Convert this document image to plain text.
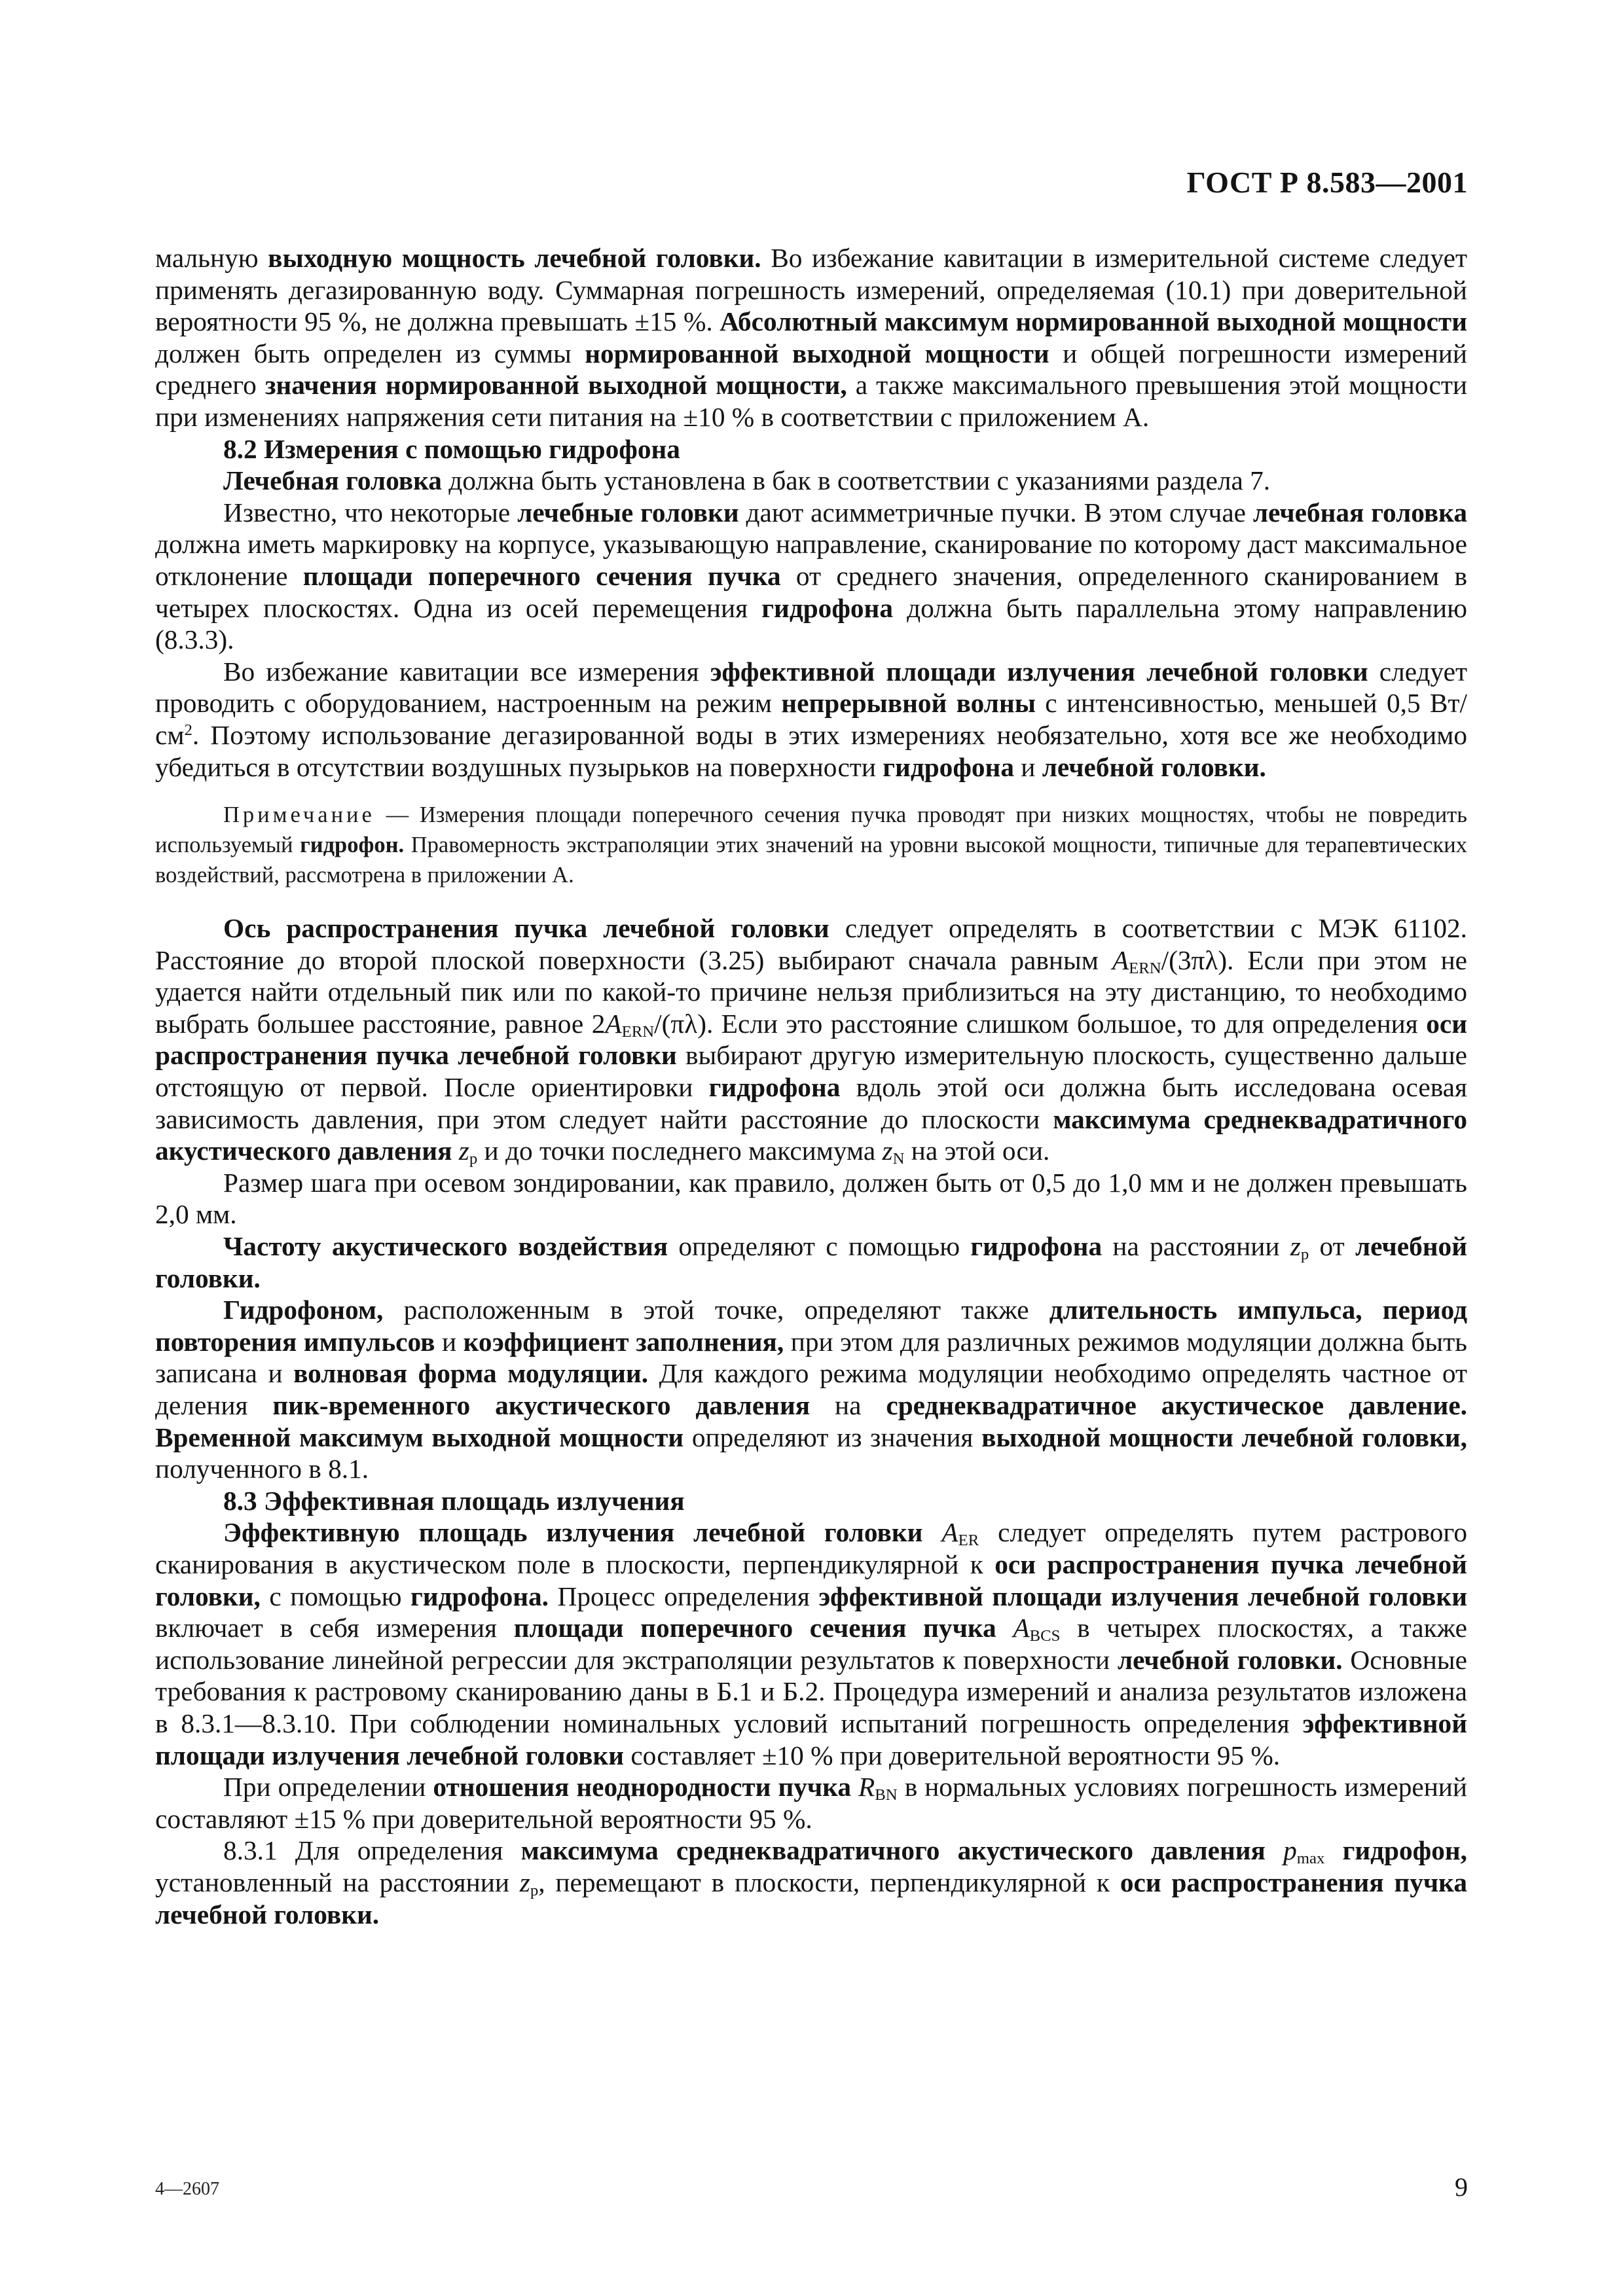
ГОСТ Р 8.583—2001

мальную выходную мощность лечебной головки. Во избежание кавитации в измерительной системе следует применять дегазированную воду. Суммарная погрешность измерений, определяемая (10.1) при доверительной вероятности 95 %, не должна превышать ±15 %. Абсолютный максимум нормированной выходной мощности должен быть определен из суммы нормированной выходной мощности и общей погрешности измерений среднего значения нормированной выходной мощности, а также максимального превышения этой мощности при изменениях напряжения сети питания на ±10 % в соответствии с приложением А.

8.2 Измерения с помощью гидрофона

Лечебная головка должна быть установлена в бак в соответствии с указаниями раздела 7.

Известно, что некоторые лечебные головки дают асимметричные пучки. В этом случае лечебная головка должна иметь маркировку на корпусе, указывающую направление, сканирование по которому даст максимальное отклонение площади поперечного сечения пучка от среднего значения, определенного сканированием в четырех плоскостях. Одна из осей перемещения гидрофона должна быть параллельна этому направлению (8.3.3).

Во избежание кавитации все измерения эффективной площади излучения лечебной головки следует проводить с оборудованием, настроенным на режим непрерывной волны с интенсивностью, меньшей 0,5 $Вт/см^2$. Поэтому использование дегазированной воды в этих измерениях необязательно, хотя все же необходимо убедиться в отсутствии воздушных пузырьков на поверхности гидрофона и лечебной головки.

Примечание — Измерения площади поперечного сечения пучка проводят при низких мощностях, чтобы не повредить используемый гидрофон. Правомерность экстраполяции этих значений на уровни высокой мощности, типичные для терапевтических воздействий, рассмотрена в приложении А.

Ось распространения пучка лечебной головки следует определять в соответствии с МЭК 61102. Расстояние до второй плоской поверхности (3.25) выбирают сначала равным $A_{ERN}/(3\pi\lambda)$. Если при этом не удается найти отдельный пик или по какой-то причине нельзя приблизиться на эту дистанцию, то необходимо выбрать большее расстояние, равное $2A_{ERN}/(\pi\lambda)$. Если это расстояние слишком большое, то для определения оси распространения пучка лечебной головки выбирают другую измерительную плоскость, существенно дальше отстоящую от первой. После ориентировки гидрофона вдоль этой оси должна быть исследована осевая зависимость давления, при этом следует найти расстояние до плоскости максимума среднеквадратичного акустического давления $z_p$ и до точки последнего максимума $z_N$ на этой оси.

Размер шага при осевом зондировании, как правило, должен быть от 0,5 до 1,0 мм и не должен превышать 2,0 мм.

Частоту акустического воздействия определяют с помощью гидрофона на расстоянии $z_p$ от лечебной головки.

Гидрофоном, расположенным в этой точке, определяют также длительность импульса, период повторения импульсов и коэффициент заполнения, при этом для различных режимов модуляции должна быть записана и волновая форма модуляции. Для каждого режима модуляции необходимо определять частное от деления пик-временного акустического давления на среднеквадратичное акустическое давление. Временной максимум выходной мощности определяют из значения выходной мощности лечебной головки, полученного в 8.1.

8.3 Эффективная площадь излучения

Эффективную площадь излучения лечебной головки $A_{ER}$ следует определять путем растрового сканирования в акустическом поле в плоскости, перпендикулярной к оси распространения пучка лечебной головки, с помощью гидрофона. Процесс определения эффективной площади излучения лечебной головки включает в себя измерения площади поперечного сечения пучка $A_{BCS}$ в четырех плоскостях, а также использование линейной регрессии для экстраполяции результатов к поверхности лечебной головки. Основные требования к растровому сканированию даны в Б.1 и Б.2. Процедура измерений и анализа результатов изложена в 8.3.1—8.3.10. При соблюдении номинальных условий испытаний погрешность определения эффективной площади излучения лечебной головки составляет ±10 % при доверительной вероятности 95 %.

При определении отношения неоднородности пучка $R_{BN}$ в нормальных условиях погрешность измерений составляют ±15 % при доверительной вероятности 95 %.

8.3.1 Для определения максимума среднеквадратичного акустического давления $p_{max}$ гидрофон, установленный на расстоянии $z_p$, перемещают в плоскости, перпендикулярной к оси распространения пучка лечебной головки.

4—2607	9
